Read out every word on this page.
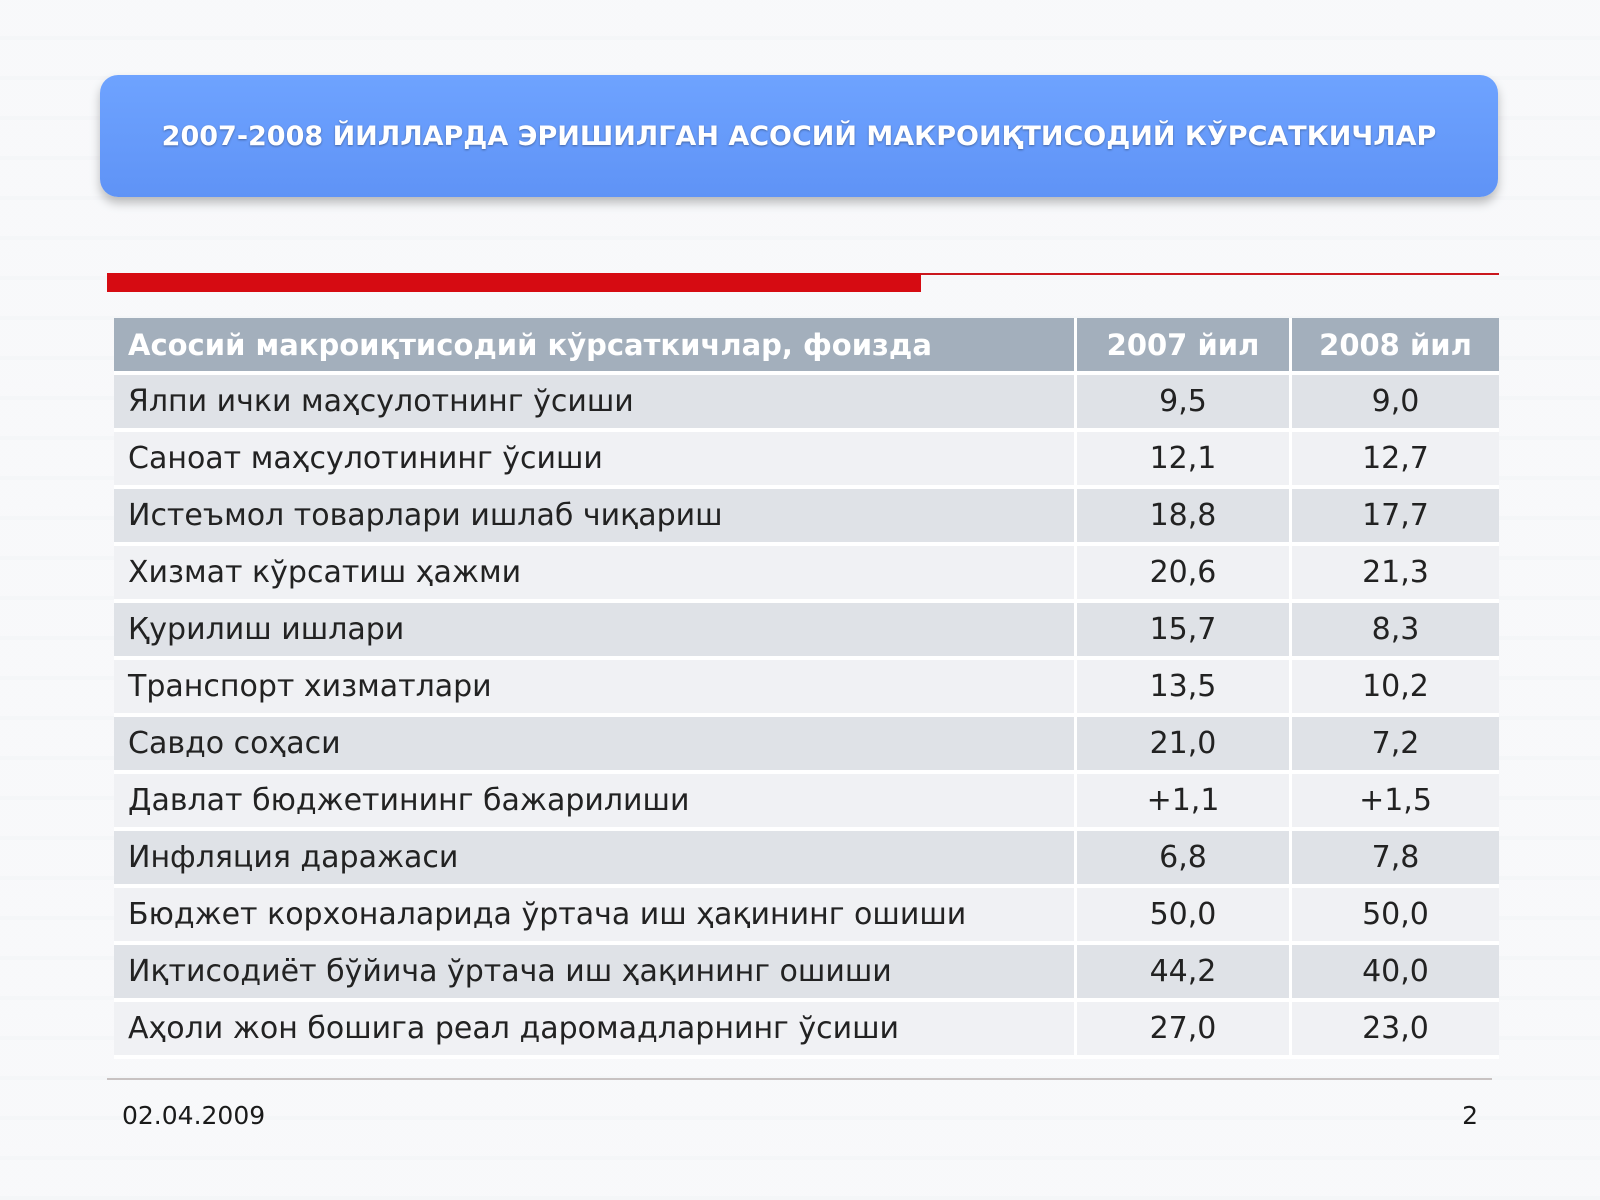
2007-2008 ЙИЛЛАРДА ЭРИШИЛГАН АСОСИЙ МАКРОИҚТИСОДИЙ КЎРСАТКИЧЛАР
Асосий макроиқтисодий кўрсаткичлар, фоизда	2007 йил	2008 йил
Ялпи ички маҳсулотнинг ўсиши	9,5	9,0
Саноат маҳсулотининг ўсиши	12,1	12,7
Истеъмол товарлари ишлаб чиқариш	18,8	17,7
Хизмат кўрсатиш ҳажми	20,6	21,3
Қурилиш ишлари	15,7	8,3
Транспорт хизматлари	13,5	10,2
Савдо соҳаси	21,0	7,2
Давлат бюджетининг бажарилиши	+1,1	+1,5
Инфляция даражаси	6,8	7,8
Бюджет корхоналарида ўртача иш ҳақининг ошиши	50,0	50,0
Иқтисодиёт бўйича ўртача иш ҳақининг ошиши	44,2	40,0
Аҳоли жон бошига реал даромадларнинг ўсиши	27,0	23,0
02.04.2009	2
